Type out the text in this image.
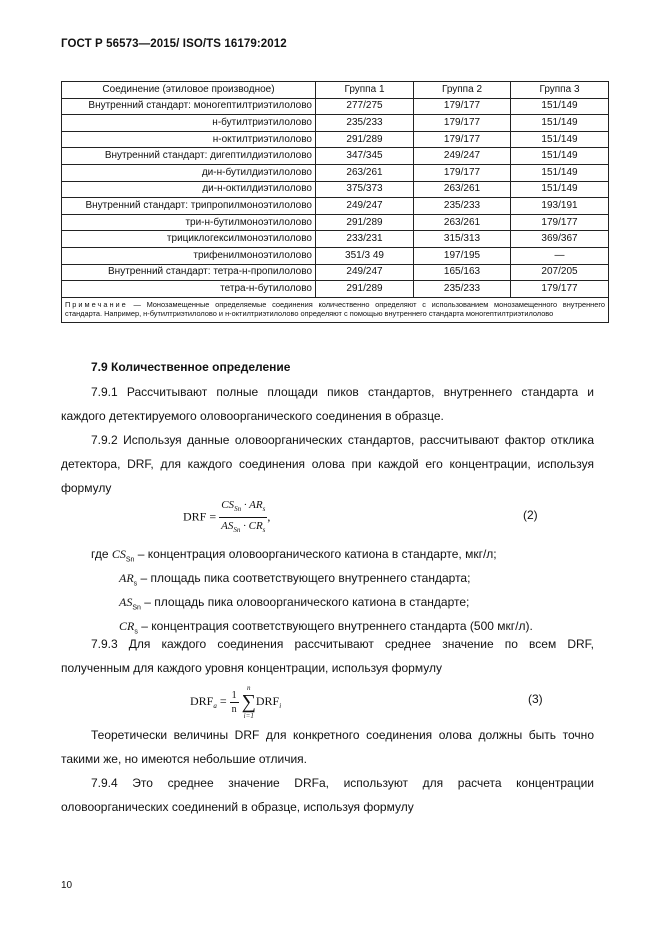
ГОСТ Р 56573—2015/ ISO/TS 16179:2012
Соединение (этиловое производное)	Группа 1	Группа 2	Группа 3
Внутренний стандарт: моногептилтриэтилолово	277/275	179/177	151/149
н-бутилтриэтилолово	235/233	179/177	151/149
н-октилтриэтилолово	291/289	179/177	151/149
Внутренний стандарт: дигептилдиэтилолово	347/345	249/247	151/149
ди-н-бутилдиэтилолово	263/261	179/177	151/149
ди-н-октилдиэтилолово	375/373	263/261	151/149
Внутренний стандарт: трипропилмоноэтилолово	249/247	235/233	193/191
три-н-бутилмоноэтилолово	291/289	263/261	179/177
трициклогексилмоноэтилолово	233/231	315/313	369/367
трифенилмоноэтилолово	351/3 49	197/195	—
Внутренний стандарт: тетра-н-пропилолово	249/247	165/163	207/205
тетра-н-бутилолово	291/289	235/233	179/177
Примечание — Монозамещенные определяемые соединения количественно определяют с использованием монозамещенного внутреннего стандарта. Например, н-бутилтриэтилолово и н-октилтриэтилолово определяют с помощью внутреннего стандарта моногептилтриэтилолово			
7.9 Количественное определение
7.9.1 Рассчитывают полные площади пиков стандартов, внутреннего стандарта и каждого детектируемого оловоорганического соединения в образце.
7.9.2 Используя данные оловоорганических стандартов, рассчитывают фактор отклика детектора, DRF, для каждого соединения олова при каждой его концентрации, используя формулу
DRF = $\frac{CS_{Sn} \cdot AR_s}{AS_{Sn} \cdot CR_s}$ ,	(2)
где $CS_{Sn}$ – концентрация оловоорганического катиона в стандарте, мкг/л;
$AR_s$ – площадь пика соответствующего внутреннего стандарта;
$AS_{Sn}$ – площадь пика оловоорганического катиона в стандарте;
$CR_s$ – концентрация соответствующего внутреннего стандарта (500 мкг/л).
7.9.3 Для каждого соединения рассчитывают среднее значение по всем DRF, полученным для каждого уровня концентрации, используя формулу
$DRF_a = \frac{1}{n}$

n
∑
i=1
$DRF_i$
(3)
Теоретически величины DRF для конкретного соединения олова должны быть точно такими же, но имеются небольшие отличия.
7.9.4 Это среднее значение DRFa, используют для расчета концентрации оловоорганических соединений в образце, используя формулу
10
